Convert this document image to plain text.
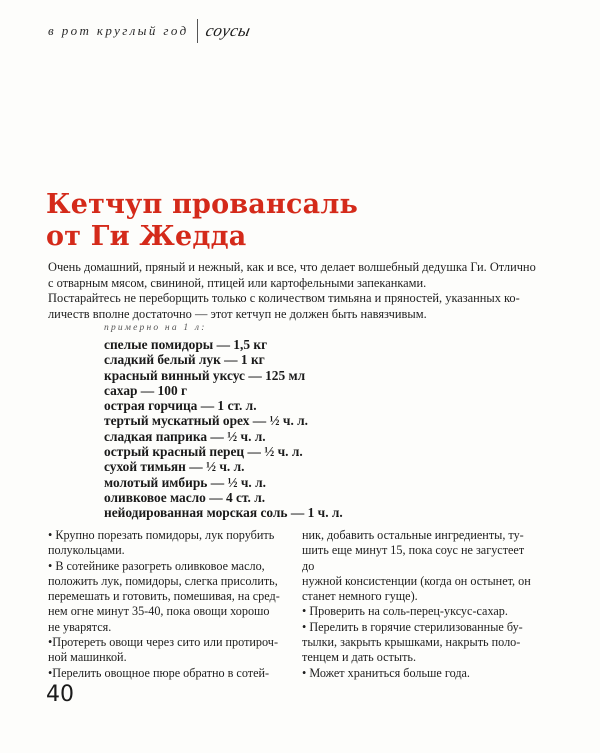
в рот круглый год соусы
Кетчуп провансаль
от Ги Жедда

Очень домашний, пряный и нежный, как и все, что делает волшебный дедушка Ги. Отлично
с отварным мясом, свининой, птицей или картофельными запеканками.
Постарайтесь не переборщить только с количеством тимьяна и пряностей, указанных ко-
личеств вполне достаточно — этот кетчуп не должен быть навязчивым.

примерно на 1 л:
спелые помидоры — 1,5 кг
сладкий белый лук — 1 кг
красный винный уксус — 125 мл
сахар — 100 г
острая горчица — 1 ст. л.
тертый мускатный орех — ½ ч. л.
сладкая паприка — ½ ч. л.
острый красный перец — ½ ч. л.
сухой тимьян — ½ ч. л.
молотый имбирь — ½ ч. л.
оливковое масло — 4 ст. л.
нейодированная морская соль — 1 ч. л.

• Крупно порезать помидоры, лук порубить

полукольцами.

• В сотейнике разогреть оливковое масло,

положить лук, помидоры, слегка присолить,

перемешать и готовить, помешивая, на сред-

нем огне минут 35-40, пока овощи хорошо

не уварятся.

•Протереть овощи через сито или протироч-

ной машинкой.

•Перелить овощное пюре обратно в сотей-

ник, добавить остальные ингредиенты, ту-

шить еще минут 15, пока соус не загустеет до

нужной консистенции (когда он остынет, он

станет немного гуще).

• Проверить на соль-перец-уксус-сахар.

• Перелить в горячие стерилизованные бу-

тылки, закрыть крышками, накрыть поло-

тенцем и дать остыть.

• Может храниться больше года.

40
